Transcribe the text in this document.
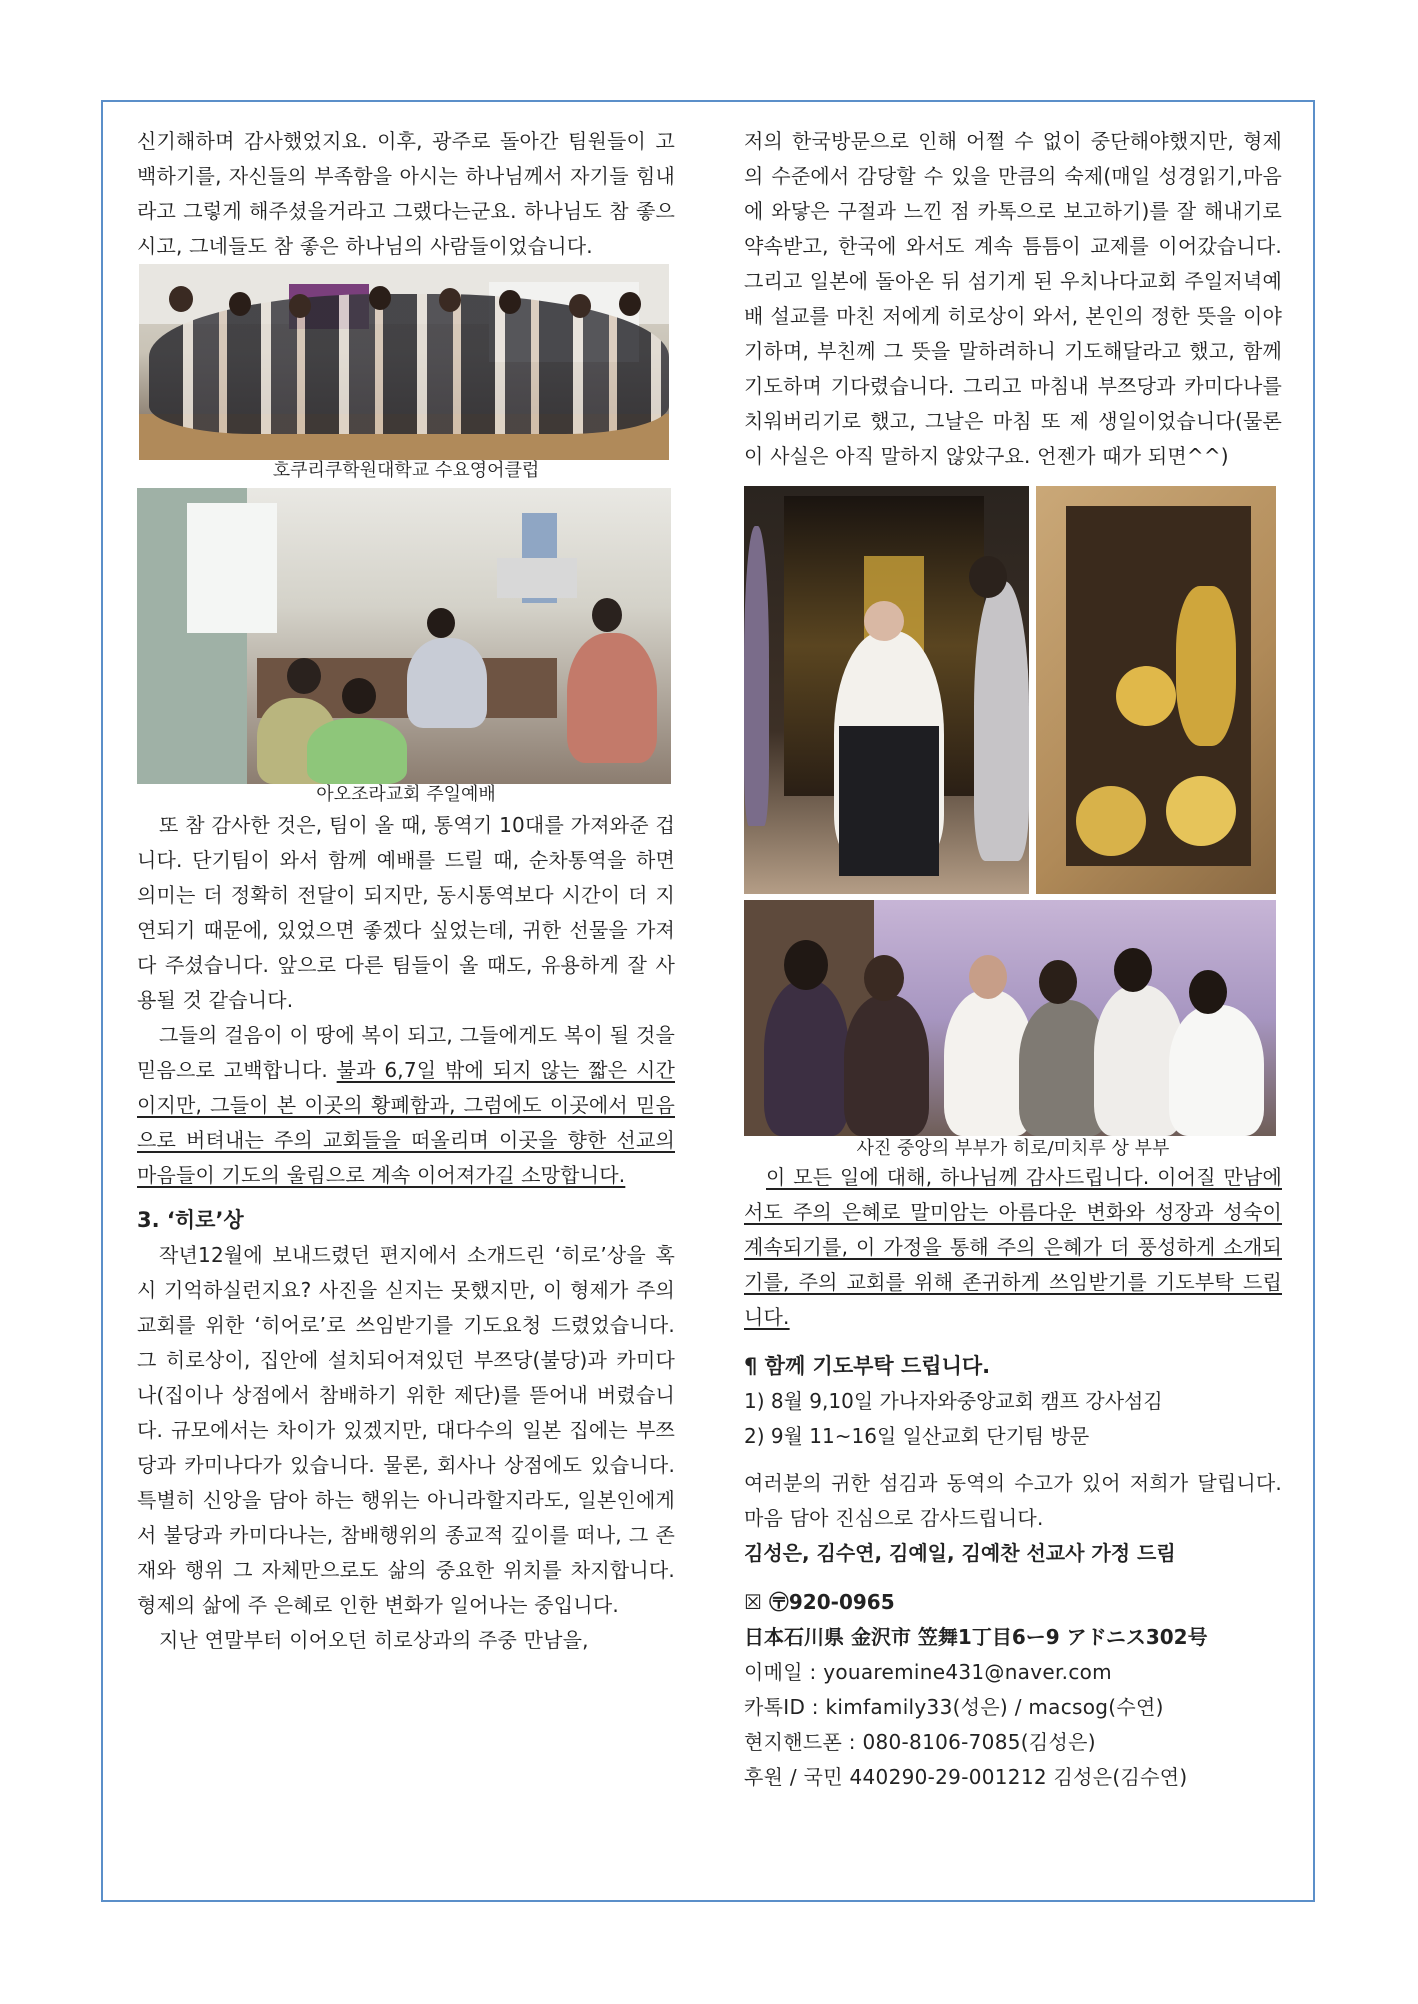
신기해하며 감사했었지요. 이후, 광주로 돌아간 팀원들이 고백하기를, 자신들의 부족함을 아시는 하나님께서 자기들 힘내라고 그렇게 해주셨을거라고 그랬다는군요. 하나님도 참 좋으시고, 그네들도 참 좋은 하나님의 사람들이었습니다.

호쿠리쿠학원대학교 수요영어클럽

아오조라교회 주일예배

또 참 감사한 것은, 팀이 올 때, 통역기 10대를 가져와준 겁니다. 단기팀이 와서 함께 예배를 드릴 때, 순차통역을 하면 의미는 더 정확히 전달이 되지만, 동시통역보다 시간이 더 지연되기 때문에, 있었으면 좋겠다 싶었는데, 귀한 선물을 가져다 주셨습니다. 앞으로 다른 팀들이 올 때도, 유용하게 잘 사용될 것 같습니다.

그들의 걸음이 이 땅에 복이 되고, 그들에게도 복이 될 것을 믿음으로 고백합니다. 불과 6,7일 밖에 되지 않는 짧은 시간이지만, 그들이 본 이곳의 황폐함과, 그럼에도 이곳에서 믿음으로 버텨내는 주의 교회들을 떠올리며 이곳을 향한 선교의 마음들이 기도의 울림으로 계속 이어져가길 소망합니다.

3. ‘히로’상

작년12월에 보내드렸던 편지에서 소개드린 ‘히로’상을 혹시 기억하실런지요? 사진을 싣지는 못했지만, 이 형제가 주의 교회를 위한 ‘히어로’로 쓰임받기를 기도요청 드렸었습니다. 그 히로상이, 집안에 설치되어져있던 부쯔당(불당)과 카미다나(집이나 상점에서 참배하기 위한 제단)를 뜯어내 버렸습니다. 규모에서는 차이가 있겠지만, 대다수의 일본 집에는 부쯔당과 카미나다가 있습니다. 물론, 회사나 상점에도 있습니다. 특별히 신앙을 담아 하는 행위는 아니라할지라도, 일본인에게서 불당과 카미다나는, 참배행위의 종교적 깊이를 떠나, 그 존재와 행위 그 자체만으로도 삶의 중요한 위치를 차지합니다. 형제의 삶에 주 은혜로 인한 변화가 일어나는 중입니다.

지난 연말부터 이어오던 히로상과의 주중 만남을,

저의 한국방문으로 인해 어쩔 수 없이 중단해야했지만, 형제의 수준에서 감당할 수 있을 만큼의 숙제(매일 성경읽기,마음에 와닿은 구절과 느낀 점 카톡으로 보고하기)를 잘 해내기로 약속받고, 한국에 와서도 계속 틈틈이 교제를 이어갔습니다. 그리고 일본에 돌아온 뒤 섬기게 된 우치나다교회 주일저녁예배 설교를 마친 저에게 히로상이 와서, 본인의 정한 뜻을 이야기하며, 부친께 그 뜻을 말하려하니 기도해달라고 했고, 함께 기도하며 기다렸습니다. 그리고 마침내 부쯔당과 카미다나를 치워버리기로 했고, 그날은 마침 또 제 생일이었습니다(물론 이 사실은 아직 말하지 않았구요. 언젠가 때가 되면^^)

사진 중앙의 부부가 히로/미치루 상 부부

이 모든 일에 대해, 하나님께 감사드립니다. 이어질 만남에서도 주의 은혜로 말미암는 아름다운 변화와 성장과 성숙이 계속되기를, 이 가정을 통해 주의 은혜가 더 풍성하게 소개되기를, 주의 교회를 위해 존귀하게 쓰임받기를 기도부탁 드립니다.

¶ 함께 기도부탁 드립니다.

1) 8월 9,10일 가나자와중앙교회 캠프 강사섬김

2) 9월 11~16일 일산교회 단기팀 방문

여러분의 귀한 섬김과 동역의 수고가 있어 저희가 달립니다. 마음 담아 진심으로 감사드립니다.

김성은, 김수연, 김예일, 김예찬 선교사 가정 드림

☒ 〶920-0965

日本石川県 金沢市 笠舞1丁目6ー9 アドニス302号

이메일 : youaremine431@naver.com

카톡ID : kimfamily33(성은) / macsog(수연)

현지핸드폰 : 080-8106-7085(김성은)

후원 / 국민 440290-29-001212 김성은(김수연)
